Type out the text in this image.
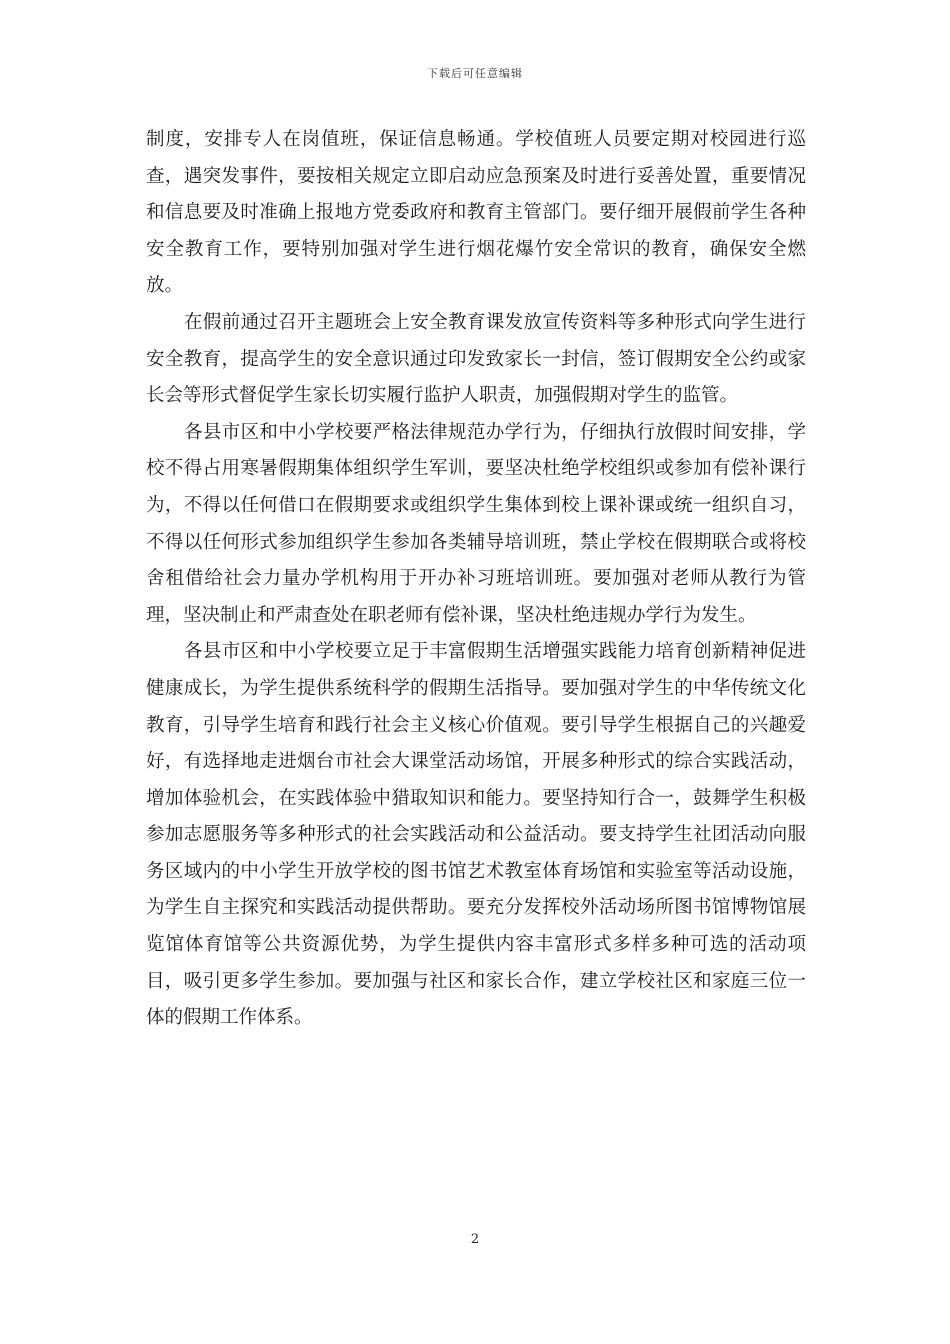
下载后可任意编辑

制度，安排专人在岗值班，保证信息畅通。学校值班人员要定期对校园进行巡查，遇突发事件，要按相关规定立即启动应急预案及时进行妥善处置，重要情况和信息要及时准确上报地方党委政府和教育主管部门。要仔细开展假前学生各种安全教育工作，要特别加强对学生进行烟花爆竹安全常识的教育，确保安全燃放。

在假前通过召开主题班会上安全教育课发放宣传资料等多种形式向学生进行安全教育，提高学生的安全意识通过印发致家长一封信，签订假期安全公约或家长会等形式督促学生家长切实履行监护人职责，加强假期对学生的监管。

各县市区和中小学校要严格法律规范办学行为，仔细执行放假时间安排，学校不得占用寒暑假期集体组织学生军训，要坚决杜绝学校组织或参加有偿补课行为，不得以任何借口在假期要求或组织学生集体到校上课补课或统一组织自习，不得以任何形式参加组织学生参加各类辅导培训班，禁止学校在假期联合或将校舍租借给社会力量办学机构用于开办补习班培训班。要加强对老师从教行为管理，坚决制止和严肃查处在职老师有偿补课，坚决杜绝违规办学行为发生。

各县市区和中小学校要立足于丰富假期生活增强实践能力培育创新精神促进健康成长，为学生提供系统科学的假期生活指导。要加强对学生的中华传统文化教育，引导学生培育和践行社会主义核心价值观。要引导学生根据自己的兴趣爱好，有选择地走进烟台市社会大课堂活动场馆，开展多种形式的综合实践活动，增加体验机会，在实践体验中猎取知识和能力。要坚持知行合一，鼓舞学生积极参加志愿服务等多种形式的社会实践活动和公益活动。要支持学生社团活动向服务区域内的中小学生开放学校的图书馆艺术教室体育场馆和实验室等活动设施，为学生自主探究和实践活动提供帮助。要充分发挥校外活动场所图书馆博物馆展览馆体育馆等公共资源优势，为学生提供内容丰富形式多样多种可选的活动项目，吸引更多学生参加。要加强与社区和家长合作，建立学校社区和家庭三位一体的假期工作体系。

2
